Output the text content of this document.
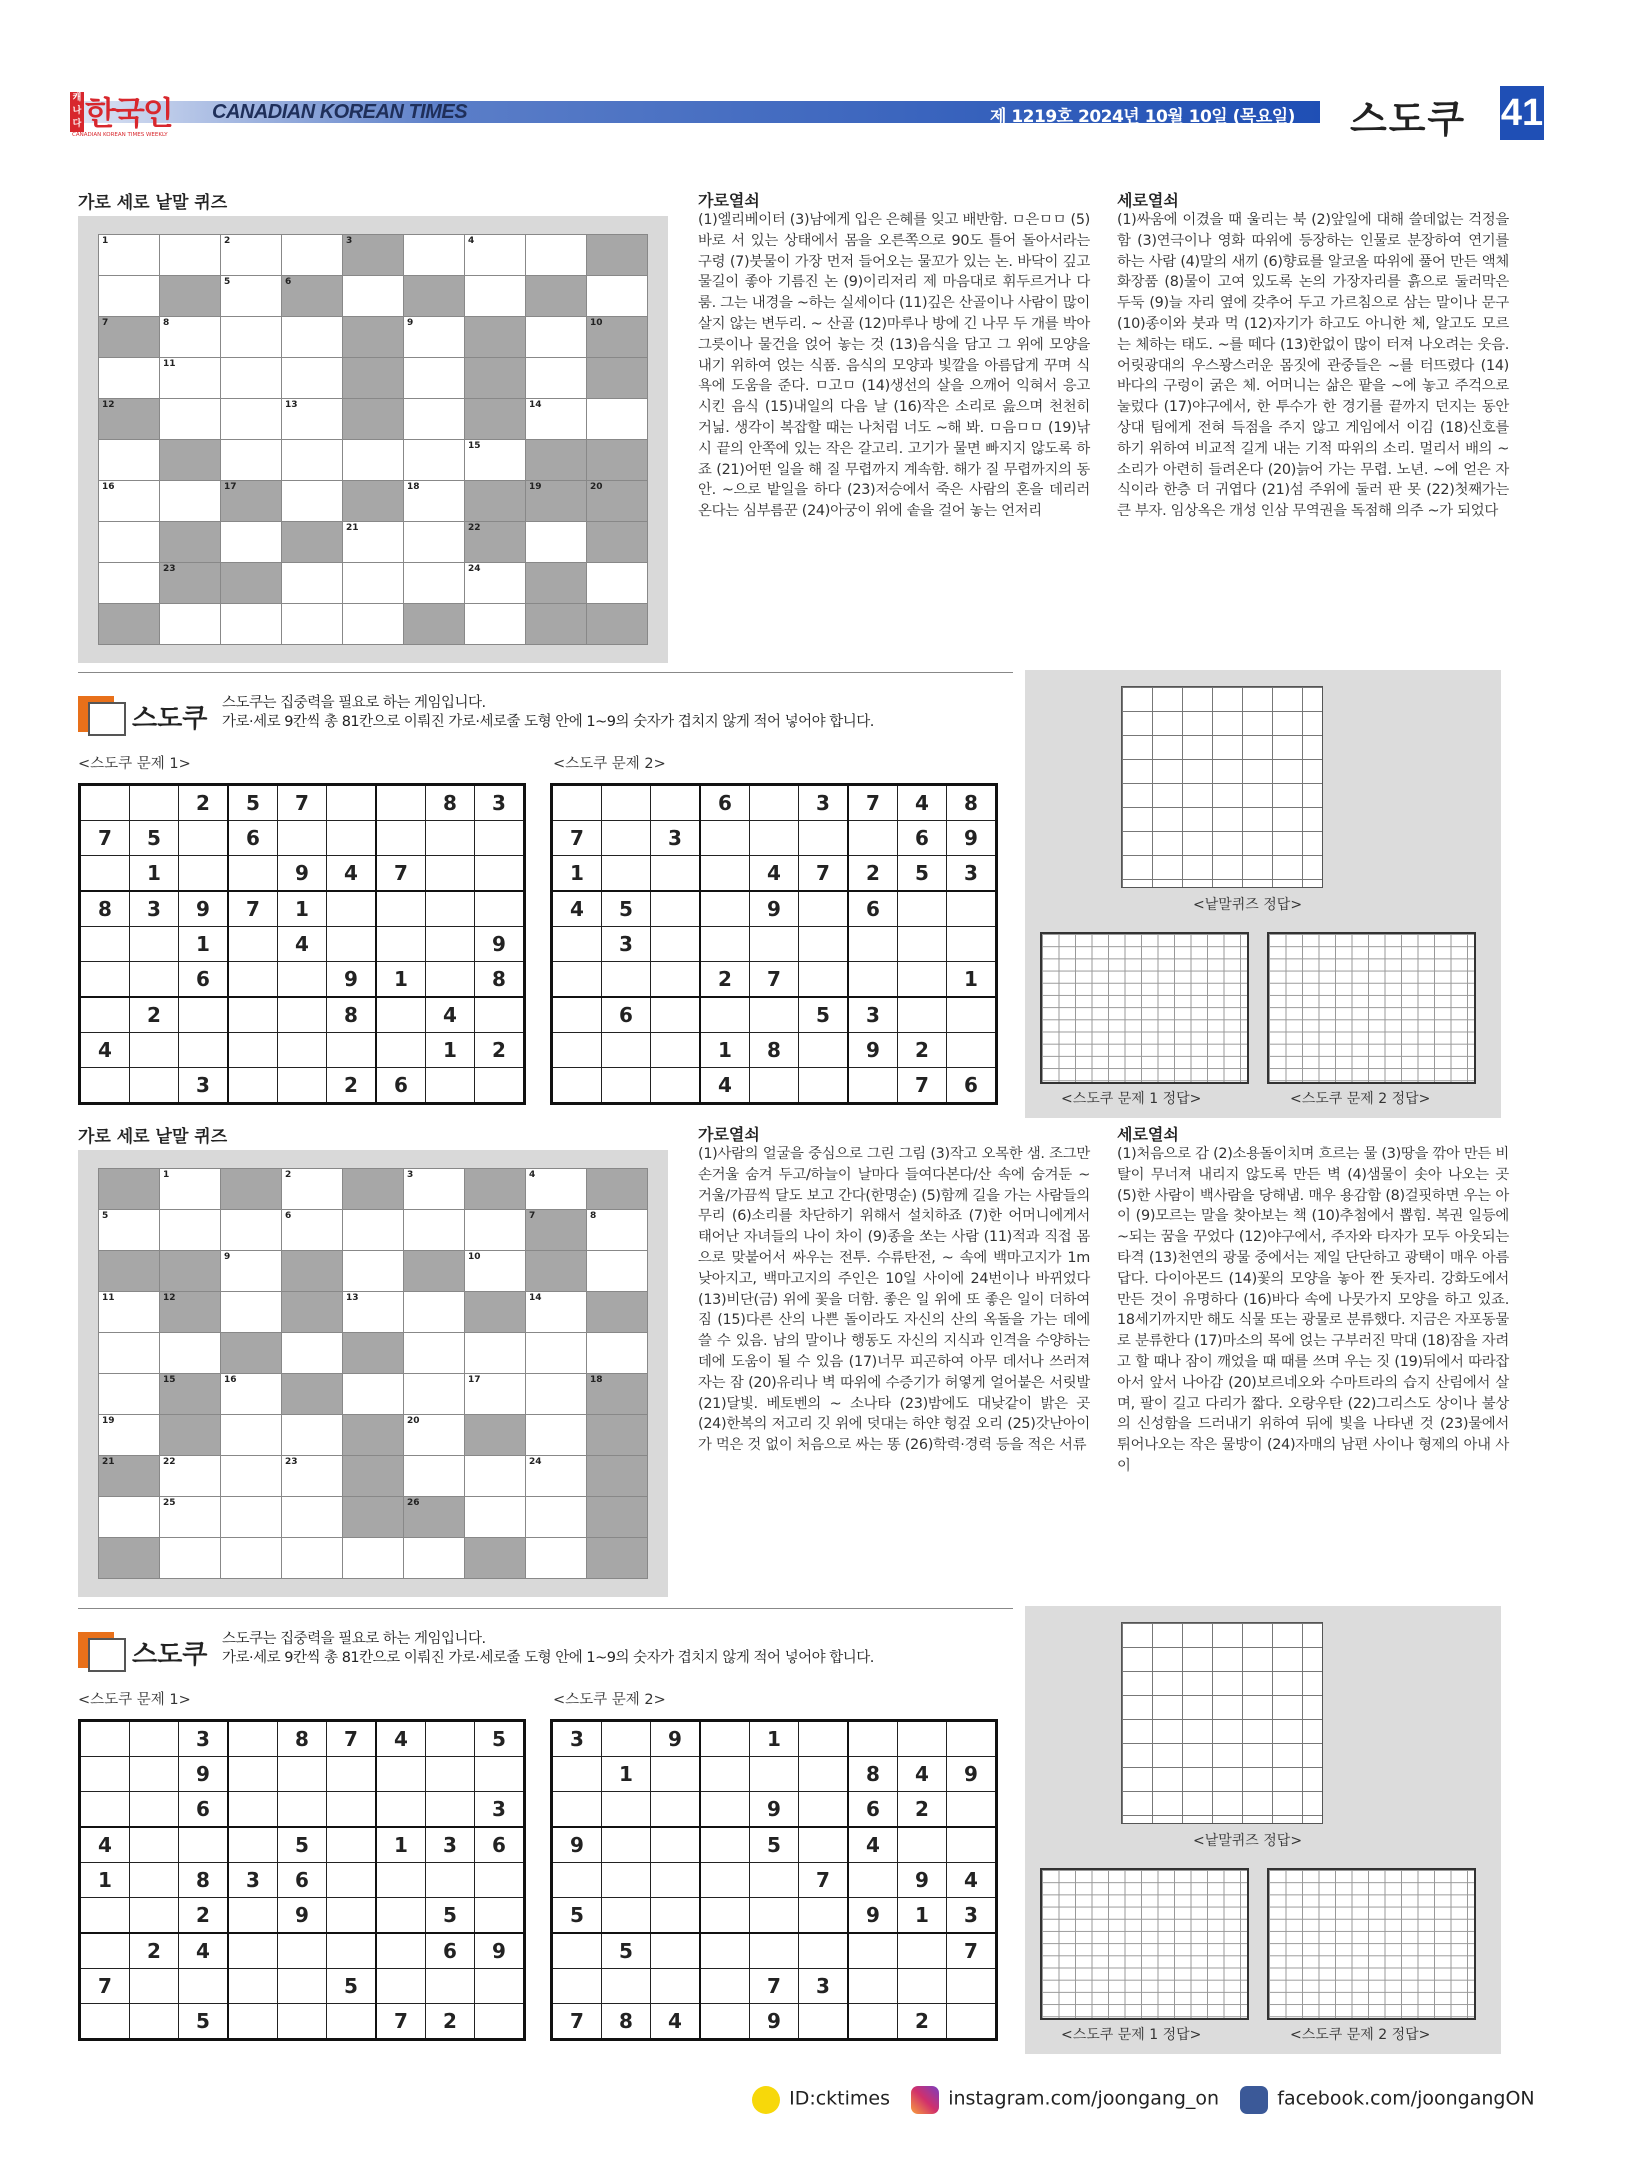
캐나다 한국인
CANADIAN KOREAN TIMES WEEKLY
CANADIAN KOREAN TIMES	제 1219호 2024년 10월 10일 (목요일) 스도쿠 41
가로 세로 낱말 퀴즈
1		2		3		4		

		5	6					

7	8				9			10

	11							

12			13				14	

						15		

16		17			18		19	20

				21		22		

	23					24		

가로열쇠
(1)엘리베이터 (3)남에게 입은 은혜를 잊고 배반함. ㅁ은ㅁㅁ (5)바로 서 있는 상태에서 몸을 오른쪽으로 90도 틀어 돌아서라는 구령 (7)붓물이 가장 먼저 들어오는 물꼬가 있는 논. 바닥이 깊고 물길이 좋아 기름진 논 (9)이리저리 제 마음대로 휘두르거나 다룸. 그는 내경을 ~하는 실세이다 (11)깊은 산골이나 사람이 많이 살지 않는 변두리. ~ 산골 (12)마루나 방에 긴 나무 두 개를 박아 그릇이나 물건을 얹어 놓는 것 (13)음식을 담고 그 위에 모양을 내기 위하여 얹는 식품. 음식의 모양과 빛깔을 아름답게 꾸며 식욕에 도움을 준다. ㅁ고ㅁ (14)생선의 살을 으깨어 익혀서 응고시킨 음식 (15)내일의 다음 날 (16)작은 소리로 읊으며 천천히 거닒. 생각이 복잡할 때는 나처럼 너도 ~해 봐. ㅁ음ㅁㅁ (19)낚시 끝의 안쪽에 있는 작은 갈고리. 고기가 물면 빠지지 않도록 하죠 (21)어떤 일을 해 질 무렵까지 계속함. 해가 질 무렵까지의 동안. ~으로 밭일을 하다 (23)저승에서 죽은 사람의 혼을 데리러 온다는 심부름꾼 (24)아궁이 위에 솥을 걸어 놓는 언저리
세로열쇠
(1)싸움에 이겼을 때 울리는 북 (2)앞일에 대해 쓸데없는 걱정을 함 (3)연극이나 영화 따위에 등장하는 인물로 분장하여 연기를 하는 사람 (4)말의 새끼 (6)향료를 알코올 따위에 풀어 만든 액체 화장품 (8)물이 고여 있도록 논의 가장자리를 흙으로 둘러막은 두둑 (9)늘 자리 옆에 갖추어 두고 가르침으로 삼는 말이나 문구 (10)종이와 붓과 먹 (12)자기가 하고도 아니한 체, 알고도 모르는 체하는 태도. ~를 떼다 (13)한없이 많이 터져 나오려는 웃음. 어릿광대의 우스꽝스러운 몸짓에 관중들은 ~를 터뜨렸다 (14)바다의 구렁이 굵은 체. 어머니는 삶은 팥을 ~에 놓고 주걱으로 눌렀다 (17)야구에서, 한 투수가 한 경기를 끝까지 던지는 동안 상대 팀에게 전혀 득점을 주지 않고 게임에서 이김 (18)신호를 하기 위하여 비교적 길게 내는 기적 따위의 소리. 멀리서 배의 ~ 소리가 아련히 들려온다 (20)늙어 가는 무렵. 노년. ~에 얻은 자식이라 한층 더 귀엽다 (21)섬 주위에 둘러 판 못 (22)첫째가는 큰 부자. 임상옥은 개성 인삼 무역권을 독점해 의주 ~가 되었다
스도쿠
스도쿠는 집중력을 필요로 하는 게임입니다.
가로·세로 9칸씩 총 81칸으로 이뤄진 가로·세로줄 도형 안에 1~9의 숫자가 겹치지 않게 적어 넣어야 합니다.
<스도쿠 문제 1>	<스도쿠 문제 2>
		2	5	7			8	3
7	5		6					
	1			9	4	7		
8	3	9	7	1				
		1		4				9
		6			9	1		8
	2				8		4	
4							1	2
		3			2	6		
			6		3	7	4	8
7		3					6	9
1				4	7	2	5	3
4	5			9		6		
	3							
			2	7				1
	6				5	3		
			1	8		9	2	
			4				7	6
<낱말퀴즈 정답>
<스도쿠 문제 1 정답>	<스도쿠 문제 2 정답>
가로 세로 낱말 퀴즈

	1		2		3		4	

5			6				7	8

		9				10		

11	12			13			14	

	15	16				17		18

19					20			

21	22		23				24	

	25				26			

가로열쇠
(1)사람의 얼굴을 중심으로 그린 그림 (3)작고 오목한 샘. 조그만 손거울 숨겨 두고/하늘이 날마다 들여다본다/산 속에 숨겨둔 ~ 거울/가끔씩 달도 보고 간다(한명순) (5)함께 길을 가는 사람들의 무리 (6)소리를 차단하기 위해서 설치하죠 (7)한 어머니에게서 태어난 자녀들의 나이 차이 (9)종을 쏘는 사람 (11)적과 직접 몸으로 맞붙어서 싸우는 전투. 수류탄전, ~ 속에 백마고지가 1m 낮아지고, 백마고지의 주인은 10일 사이에 24번이나 바뀌었다 (13)비단(금) 위에 꽃을 더함. 좋은 일 위에 또 좋은 일이 더하여짐 (15)다른 산의 나쁜 돌이라도 자신의 산의 옥돌을 가는 데에 쓸 수 있음. 남의 말이나 행동도 자신의 지식과 인격을 수양하는 데에 도움이 될 수 있음 (17)너무 피곤하여 아무 데서나 쓰러져 자는 잠 (20)유리나 벽 따위에 수증기가 허옇게 얼어붙은 서릿발 (21)달빛. 베토벤의 ~ 소나타 (23)밤에도 대낮같이 밝은 곳 (24)한복의 저고리 깃 위에 덧대는 하얀 헝겊 오리 (25)갓난아이가 먹은 것 없이 처음으로 싸는 똥 (26)학력·경력 등을 적은 서류
세로열쇠
(1)처음으로 감 (2)소용돌이치며 흐르는 물 (3)땅을 깎아 만든 비탈이 무너져 내리지 않도록 만든 벽 (4)샘물이 솟아 나오는 곳 (5)한 사람이 백사람을 당해냄. 매우 용감함 (8)걸핏하면 우는 아이 (9)모르는 말을 찾아보는 책 (10)추첨에서 뽑힘. 복권 일등에 ~되는 꿈을 꾸었다 (12)야구에서, 주자와 타자가 모두 아웃되는 타격 (13)천연의 광물 중에서는 제일 단단하고 광택이 매우 아름답다. 다이아몬드 (14)꽃의 모양을 놓아 짠 돗자리. 강화도에서 만든 것이 유명하다 (16)바다 속에 나뭇가지 모양을 하고 있죠. 18세기까지만 해도 식물 또는 광물로 분류했다. 지금은 자포동물로 분류한다 (17)마소의 목에 얹는 구부러진 막대 (18)잠을 자려고 할 때나 잠이 깨었을 때 때를 쓰며 우는 짓 (19)뒤에서 따라잡아서 앞서 나아감 (20)보르네오와 수마트라의 습지 산림에서 살며, 팔이 길고 다리가 짧다. 오랑우탄 (22)그리스도 상이나 불상의 신성함을 드러내기 위하여 뒤에 빛을 나타낸 것 (23)물에서 튀어나오는 작은 물방이 (24)자매의 남편 사이나 형제의 아내 사이
스도쿠
스도쿠는 집중력을 필요로 하는 게임입니다.
가로·세로 9칸씩 총 81칸으로 이뤄진 가로·세로줄 도형 안에 1~9의 숫자가 겹치지 않게 적어 넣어야 합니다.
<스도쿠 문제 1>	<스도쿠 문제 2>
		3		8	7	4		5
		9						
		6						3
4				5		1	3	6
1		8	3	6				
		2		9			5	
	2	4					6	9
7					5			
		5				7	2	
3		9		1				
	1					8	4	9
				9		6	2	
9				5		4		
					7		9	4
5						9	1	3
	5							7
				7	3			
7	8	4		9			2	
<낱말퀴즈 정답>
<스도쿠 문제 1 정답>	<스도쿠 문제 2 정답>
ID:cktimes	instagram.com/joongang_on	facebook.com/joongangON
